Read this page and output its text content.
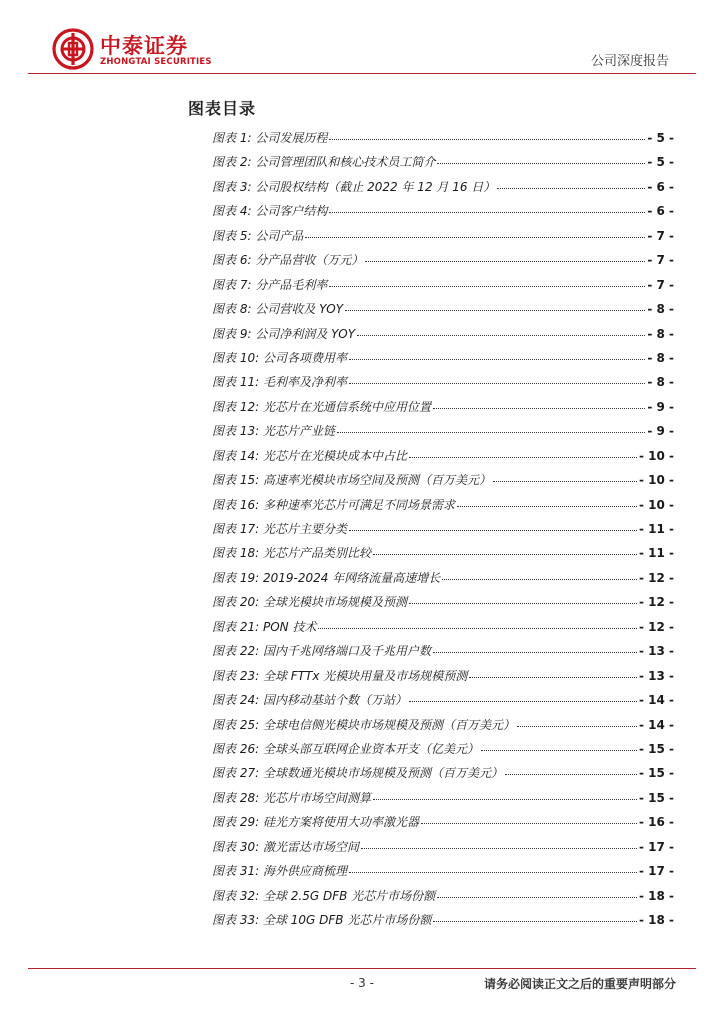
中泰证券
ZHONGTAI SECURITIES	公司深度报告
图表目录
图表 1:
公司发展历程	- 5 -
图表 2:
公司管理团队和核心技术员工简介	- 5 -
图表 3:
公司股权结构（截止 2022 年 12 月 16 日）	- 6 -
图表 4:
公司客户结构	- 6 -
图表 5:
公司产品	- 7 -
图表 6:
分产品营收（万元）	- 7 -
图表 7:
分产品毛利率	- 7 -
图表 8:
公司营收及 YOY	- 8 -
图表 9:
公司净利润及 YOY	- 8 -
图表 10:
公司各项费用率	- 8 -
图表 11:
毛利率及净利率	- 8 -
图表 12:
光芯片在光通信系统中应用位置	- 9 -
图表 13:
光芯片产业链	- 9 -
图表 14:
光芯片在光模块成本中占比	- 10 -
图表 15:
高速率光模块市场空间及预测（百万美元）	- 10 -
图表 16:
多种速率光芯片可满足不同场景需求	- 10 -
图表 17:
光芯片主要分类	- 11 -
图表 18:
光芯片产品类别比较	- 11 -
图表 19:
2019-2024 年网络流量高速增长	- 12 -
图表 20:
全球光模块市场规模及预测	- 12 -
图表 21:
PON 技术	- 12 -
图表 22:
国内千兆网络端口及千兆用户数	- 13 -
图表 23:
全球 FTTx 光模块用量及市场规模预测	- 13 -
图表 24:
国内移动基站个数（万站）	- 14 -
图表 25:
全球电信侧光模块市场规模及预测（百万美元）	- 14 -
图表 26:
全球头部互联网企业资本开支（亿美元）	- 15 -
图表 27:
全球数通光模块市场规模及预测（百万美元）	- 15 -
图表 28:
光芯片市场空间测算	- 15 -
图表 29:
硅光方案将使用大功率激光器	- 16 -
图表 30:
激光雷达市场空间	- 17 -
图表 31:
海外供应商梳理	- 17 -
图表 32:
全球 2.5G DFB 光芯片市场份额	- 18 -
图表 33:
全球 10G DFB 光芯片市场份额	- 18 -
- 3 -	请务必阅读正文之后的重要声明部分
